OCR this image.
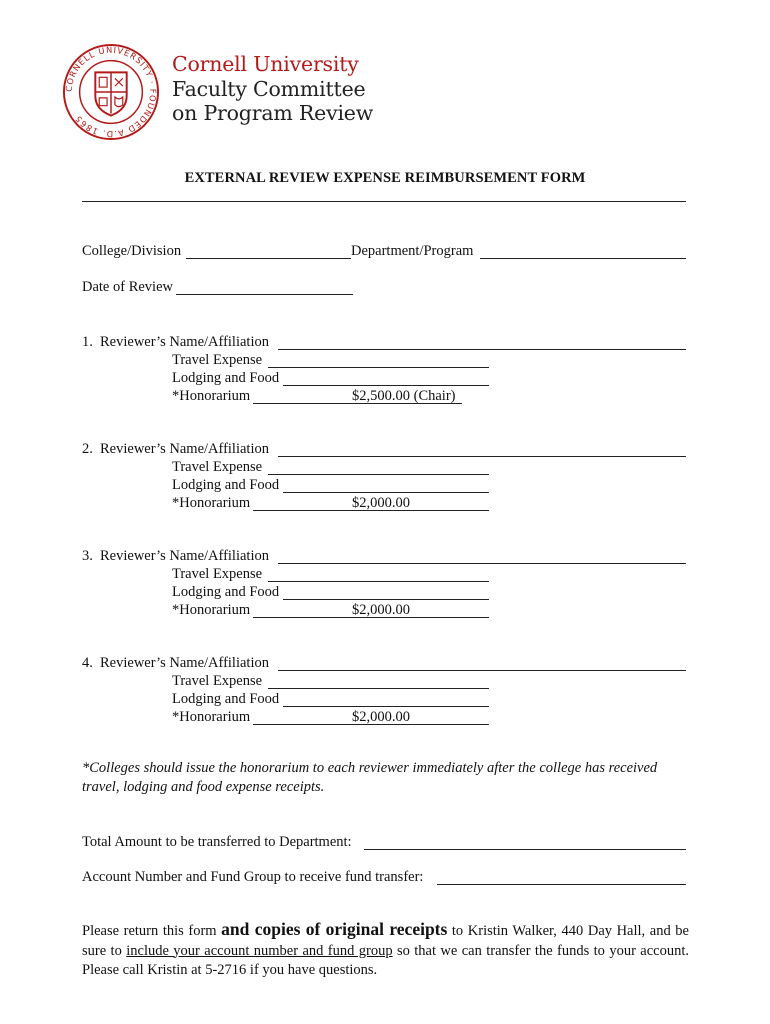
CORNELL UNIVERSITY · FOUNDED A.D. 1865
Cornell University
Faculty Committee
on Program Review
EXTERNAL REVIEW EXPENSE REIMBURSEMENT FORM
College/Division	Department/Program
Date of Review
1. Reviewer’s Name/Affiliation
Travel Expense
Lodging and Food
*Honorarium	$2,500.00 (Chair)
2. Reviewer’s Name/Affiliation
Travel Expense
Lodging and Food
*Honorarium	$2,000.00
3. Reviewer’s Name/Affiliation
Travel Expense
Lodging and Food
*Honorarium	$2,000.00
4. Reviewer’s Name/Affiliation
Travel Expense
Lodging and Food
*Honorarium	$2,000.00
*Colleges should issue the honorarium to each reviewer immediately after the college has received travel, lodging and food expense receipts.
Total Amount to be transferred to Department:
Account Number and Fund Group to receive fund transfer:
Please return this form and copies of original receipts to Kristin Walker, 440 Day Hall, and be sure to include your account number and fund group so that we can transfer the funds to your account. Please call Kristin at 5-2716 if you have questions.
